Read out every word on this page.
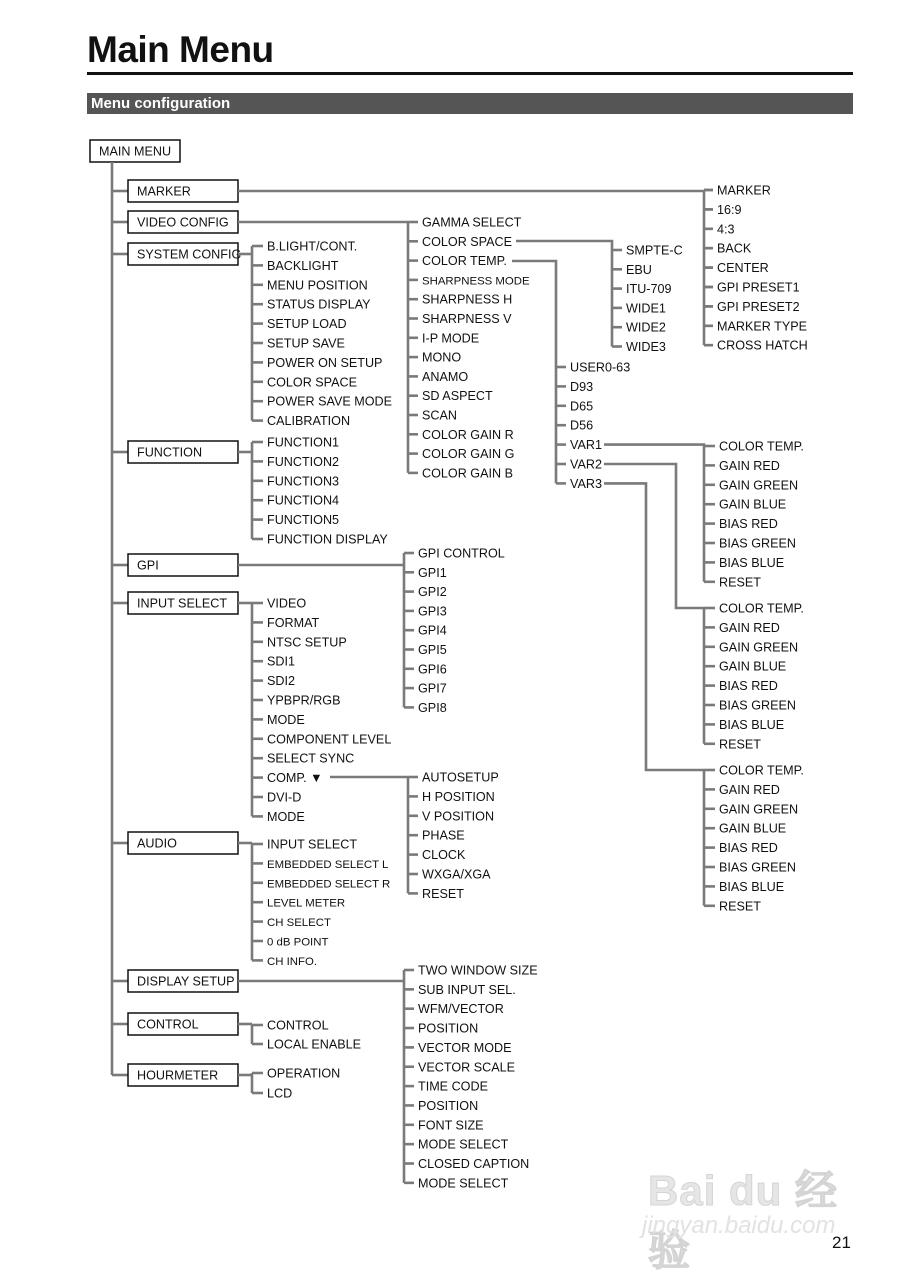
Main Menu
Menu configuration
MAIN MENU
MARKER
VIDEO CONFIG
SYSTEM CONFIG
FUNCTION
GPI
INPUT SELECT
AUDIO
DISPLAY SETUP
CONTROL
HOURMETER
MARKER
16:9
4:3
BACK
CENTER
GPI PRESET1
GPI PRESET2
MARKER TYPE
CROSS HATCH
GAMMA SELECT
COLOR SPACE
COLOR TEMP.
SHARPNESS MODE
SHARPNESS H
SHARPNESS V
I-P MODE
MONO
ANAMO
SD ASPECT
SCAN
COLOR GAIN R
COLOR GAIN G
COLOR GAIN B
SMPTE-C
EBU
ITU-709
WIDE1
WIDE2
WIDE3
USER0-63
D93
D65
D56
VAR1
VAR2
VAR3
COLOR TEMP.
GAIN RED
GAIN GREEN
GAIN BLUE
BIAS RED
BIAS GREEN
BIAS BLUE
RESET
COLOR TEMP.
GAIN RED
GAIN GREEN
GAIN BLUE
BIAS RED
BIAS GREEN
BIAS BLUE
RESET
COLOR TEMP.
GAIN RED
GAIN GREEN
GAIN BLUE
BIAS RED
BIAS GREEN
BIAS BLUE
RESET
B.LIGHT/CONT.
BACKLIGHT
MENU POSITION
STATUS DISPLAY
SETUP LOAD
SETUP SAVE
POWER ON SETUP
COLOR SPACE
POWER SAVE MODE
CALIBRATION
FUNCTION1
FUNCTION2
FUNCTION3
FUNCTION4
FUNCTION5
FUNCTION DISPLAY
GPI CONTROL
GPI1
GPI2
GPI3
GPI4
GPI5
GPI6
GPI7
GPI8
VIDEO
FORMAT
NTSC SETUP
SDI1
SDI2
YPBPR/RGB
MODE
COMPONENT LEVEL
SELECT SYNC
COMP. ▼
DVI-D
MODE
AUTOSETUP
H POSITION
V POSITION
PHASE
CLOCK
WXGA/XGA
RESET
INPUT SELECT
EMBEDDED SELECT L
EMBEDDED SELECT R
LEVEL METER
CH SELECT
0 dB POINT
CH INFO.
TWO WINDOW SIZE
SUB INPUT SEL.
WFM/VECTOR
POSITION
VECTOR MODE
VECTOR SCALE
TIME CODE
POSITION
FONT SIZE
MODE SELECT
CLOSED CAPTION
MODE SELECT
CONTROL
LOCAL ENABLE
OPERATION
LCD
Bai du 经验
jingyan.baidu.com
21
